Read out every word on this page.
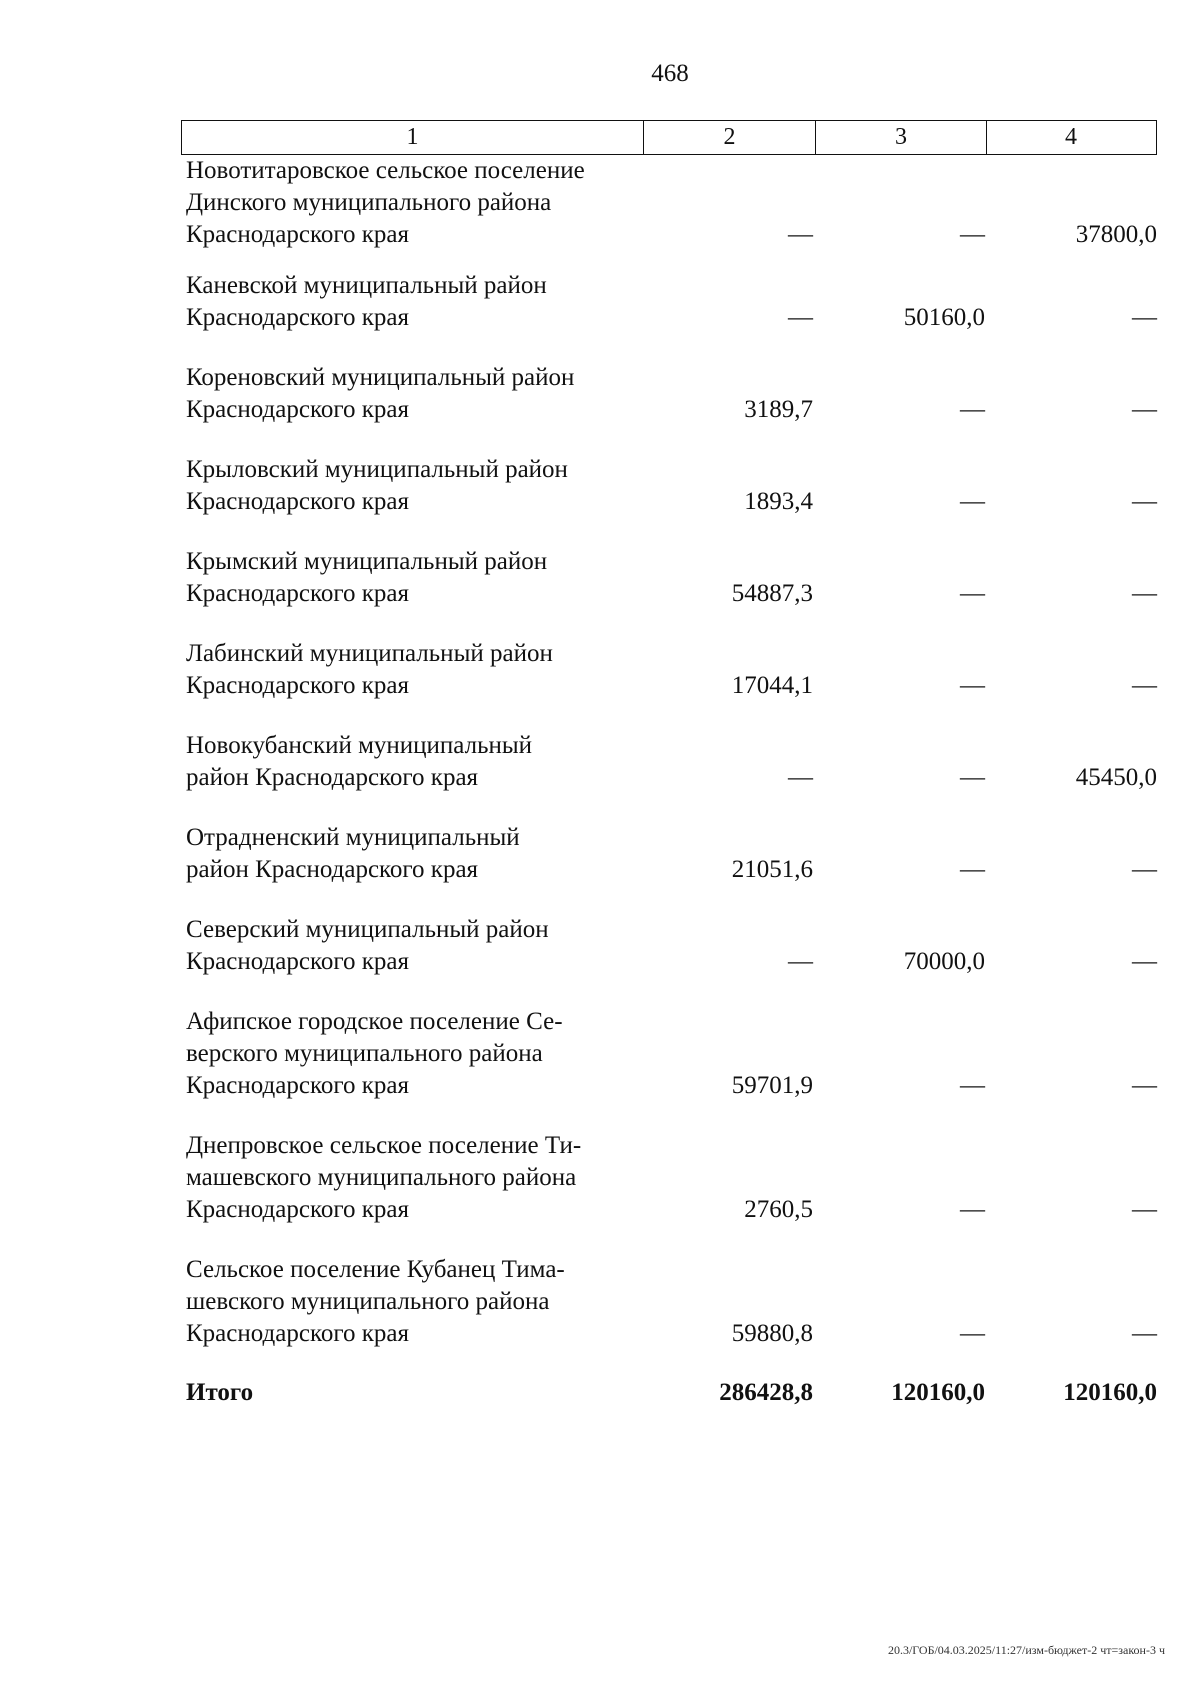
468
1	2	3	4
Новотитаровское сельское поселение
Динского муниципального района
Краснодарского края	—	—	37800,0
Каневской муниципальный район
Краснодарского края	—	50160,0	—
Кореновский муниципальный район
Краснодарского края	3189,7	—	—
Крыловский муниципальный район
Краснодарского края	1893,4	—	—
Крымский муниципальный район
Краснодарского края	54887,3	—	—
Лабинский муниципальный район
Краснодарского края	17044,1	—	—
Новокубанский муниципальный
район Краснодарского края	—	—	45450,0
Отрадненский муниципальный
район Краснодарского края	21051,6	—	—
Северский муниципальный район
Краснодарского края	—	70000,0	—
Афипское городское поселение Се-
верского муниципального района
Краснодарского края	59701,9	—	—
Днепровское сельское поселение Ти-
машевского муниципального района
Краснодарского края	2760,5	—	—
Сельское поселение Кубанец Тима-
шевского муниципального района
Краснодарского края	59880,8	—	—
Итого	286428,8	120160,0	120160,0
20.3/ГОБ/04.03.2025/11:27/изм-бюджет-2 чт=закон-3 ч
